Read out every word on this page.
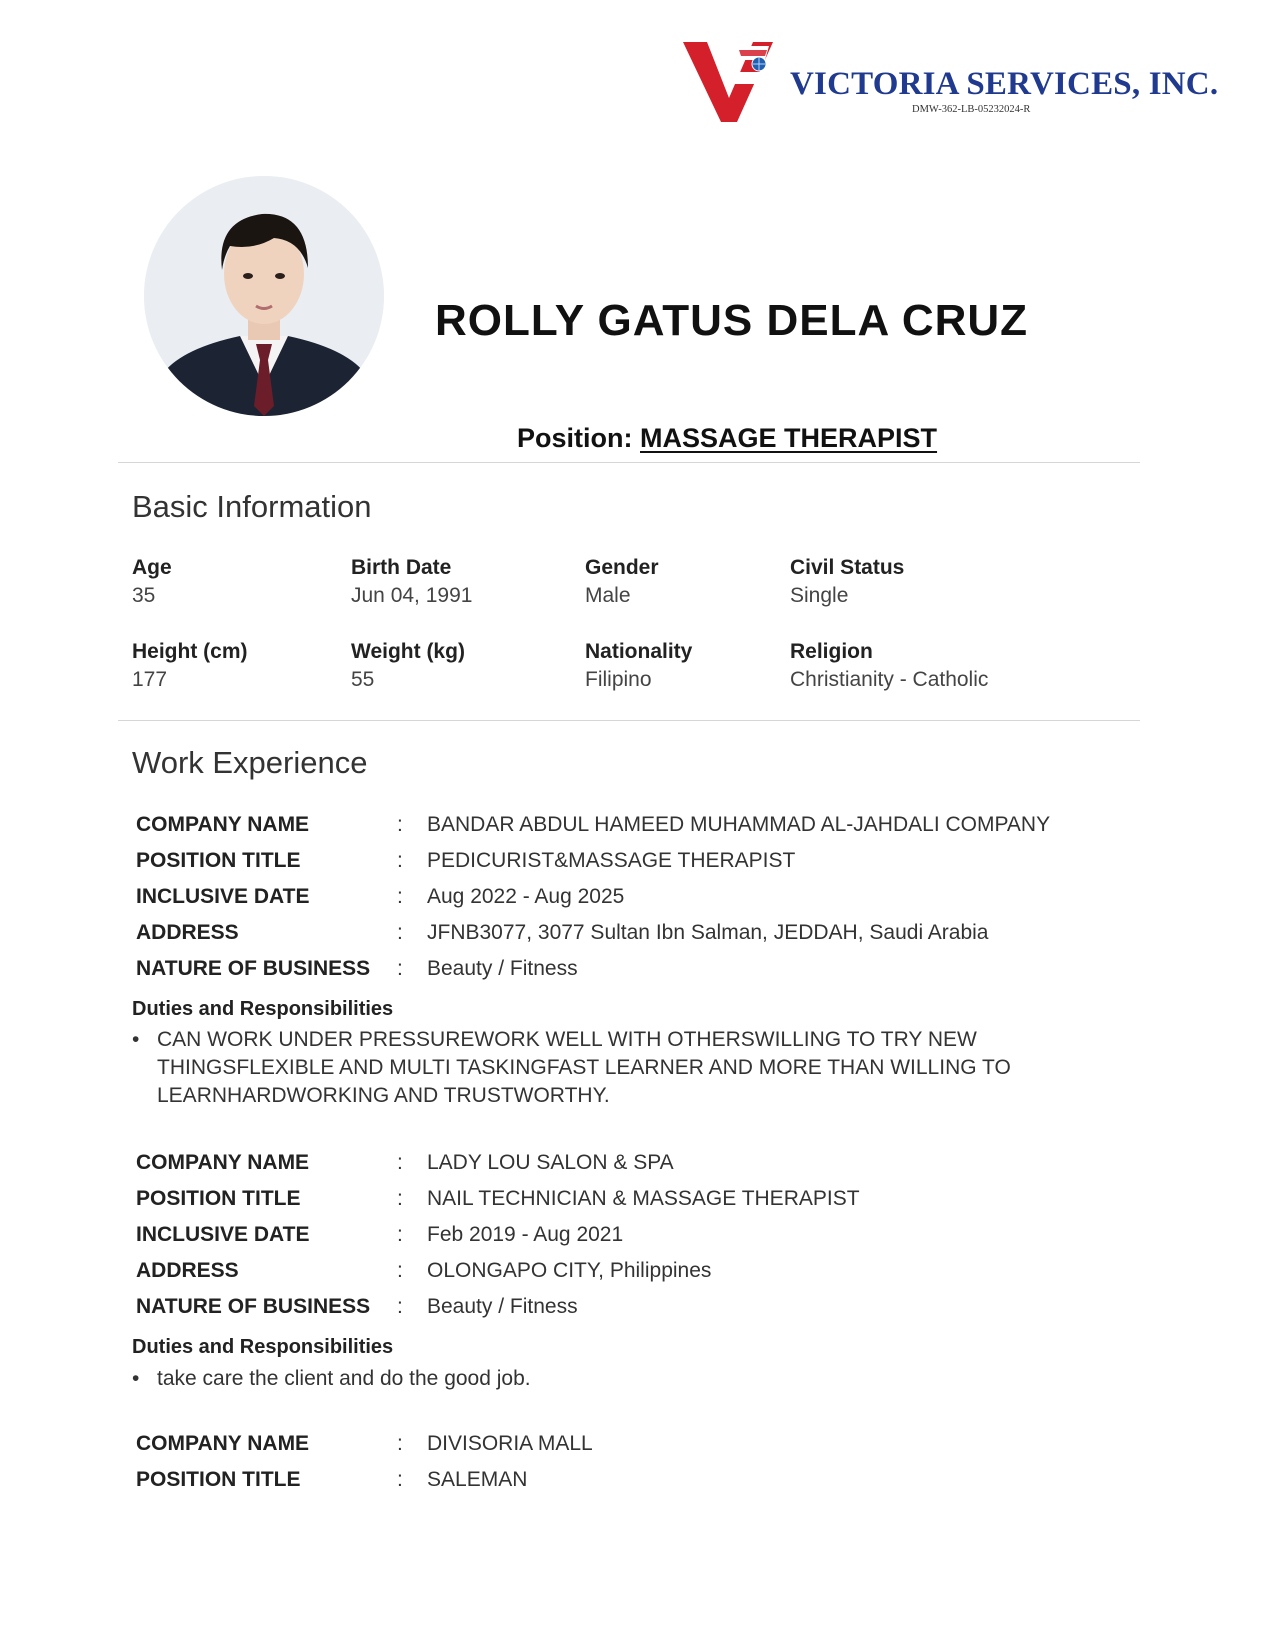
VICTORIA SERVICES, INC.
DMW-362-LB-05232024-R
ROLLY GATUS DELA CRUZ
Position: MASSAGE THERAPIST
Basic Information
Age
35
Birth Date
Jun 04, 1991
Gender
Male
Civil Status
Single
Height (cm)
177
Weight (kg)
55
Nationality
Filipino
Religion
Christianity - Catholic
Work Experience
COMPANY NAME	: BANDAR ABDUL HAMEED MUHAMMAD AL-JAHDALI COMPANY
POSITION TITLE	: PEDICURIST&MASSAGE THERAPIST
INCLUSIVE DATE	: Aug 2022 - Aug 2025
ADDRESS	: JFNB3077, 3077 Sultan Ibn Salman, JEDDAH, Saudi Arabia
NATURE OF BUSINESS : Beauty / Fitness
Duties and Responsibilities
• CAN WORK UNDER PRESSUREWORK WELL WITH OTHERSWILLING TO TRY NEW THINGSFLEXIBLE AND MULTI TASKINGFAST LEARNER AND MORE THAN WILLING TO LEARNHARDWORKING AND TRUSTWORTHY.
COMPANY NAME	: LADY LOU SALON & SPA
POSITION TITLE	: NAIL TECHNICIAN & MASSAGE THERAPIST
INCLUSIVE DATE	: Feb 2019 - Aug 2021
ADDRESS	: OLONGAPO CITY, Philippines
NATURE OF BUSINESS : Beauty / Fitness
Duties and Responsibilities
• take care the client and do the good job.
COMPANY NAME	: DIVISORIA MALL
POSITION TITLE	: SALEMAN
